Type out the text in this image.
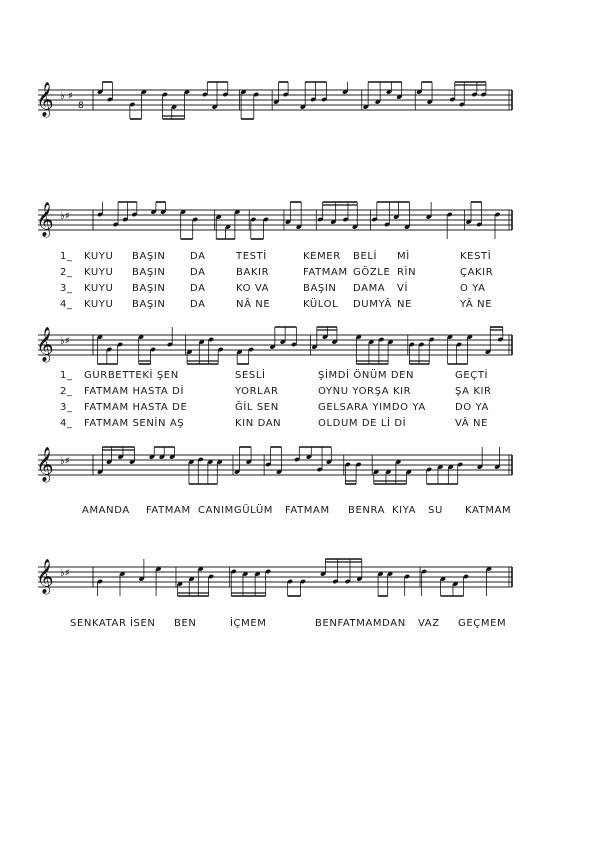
𝄞 ♭ ♯
8
𝄞 ♭♯
𝄞 ♭♯
𝄞 ♭♯
𝄞 ♭♯
1_ KUYU BAŞIN DA	TESTİ	KEMER BELİ Mİ	KESTİ
2_ KUYU BAŞIN DA	BAKIR	FATMAM GÖZLE RİN	ÇAKIR
3_ KUYU BAŞIN DA	KO VA	BAŞIN DAMA Vİ	O YA
4_ KUYU BAŞIN DA	NÂ NE	KÜLOL DUMYÂ NE	YÂ NE
1_ GURBETTEKİ ŞEN	SESLİ	ŞİMDİ ÖNÜM DEN	GEÇTİ
2_ FATMAM HASTA Dİ	YORLAR	OYNU YORŞA KIR	ŞA KIR
3_ FATMAM HASTA DE	ĞİL SEN	GELSARA YIMDO YA	DO YA
4_ FATMAM SENİN AŞ	KIN DAN	OLDUM DE Lİ Dİ	VÂ NE
AMANDA FATMAM CANIMGÜLÜM FATMAM BENRA KIYA SU KATMAM
SENKATAR İSEN BEN	İÇMEM	BENFATMAMDAN VAZ GEÇMEM
